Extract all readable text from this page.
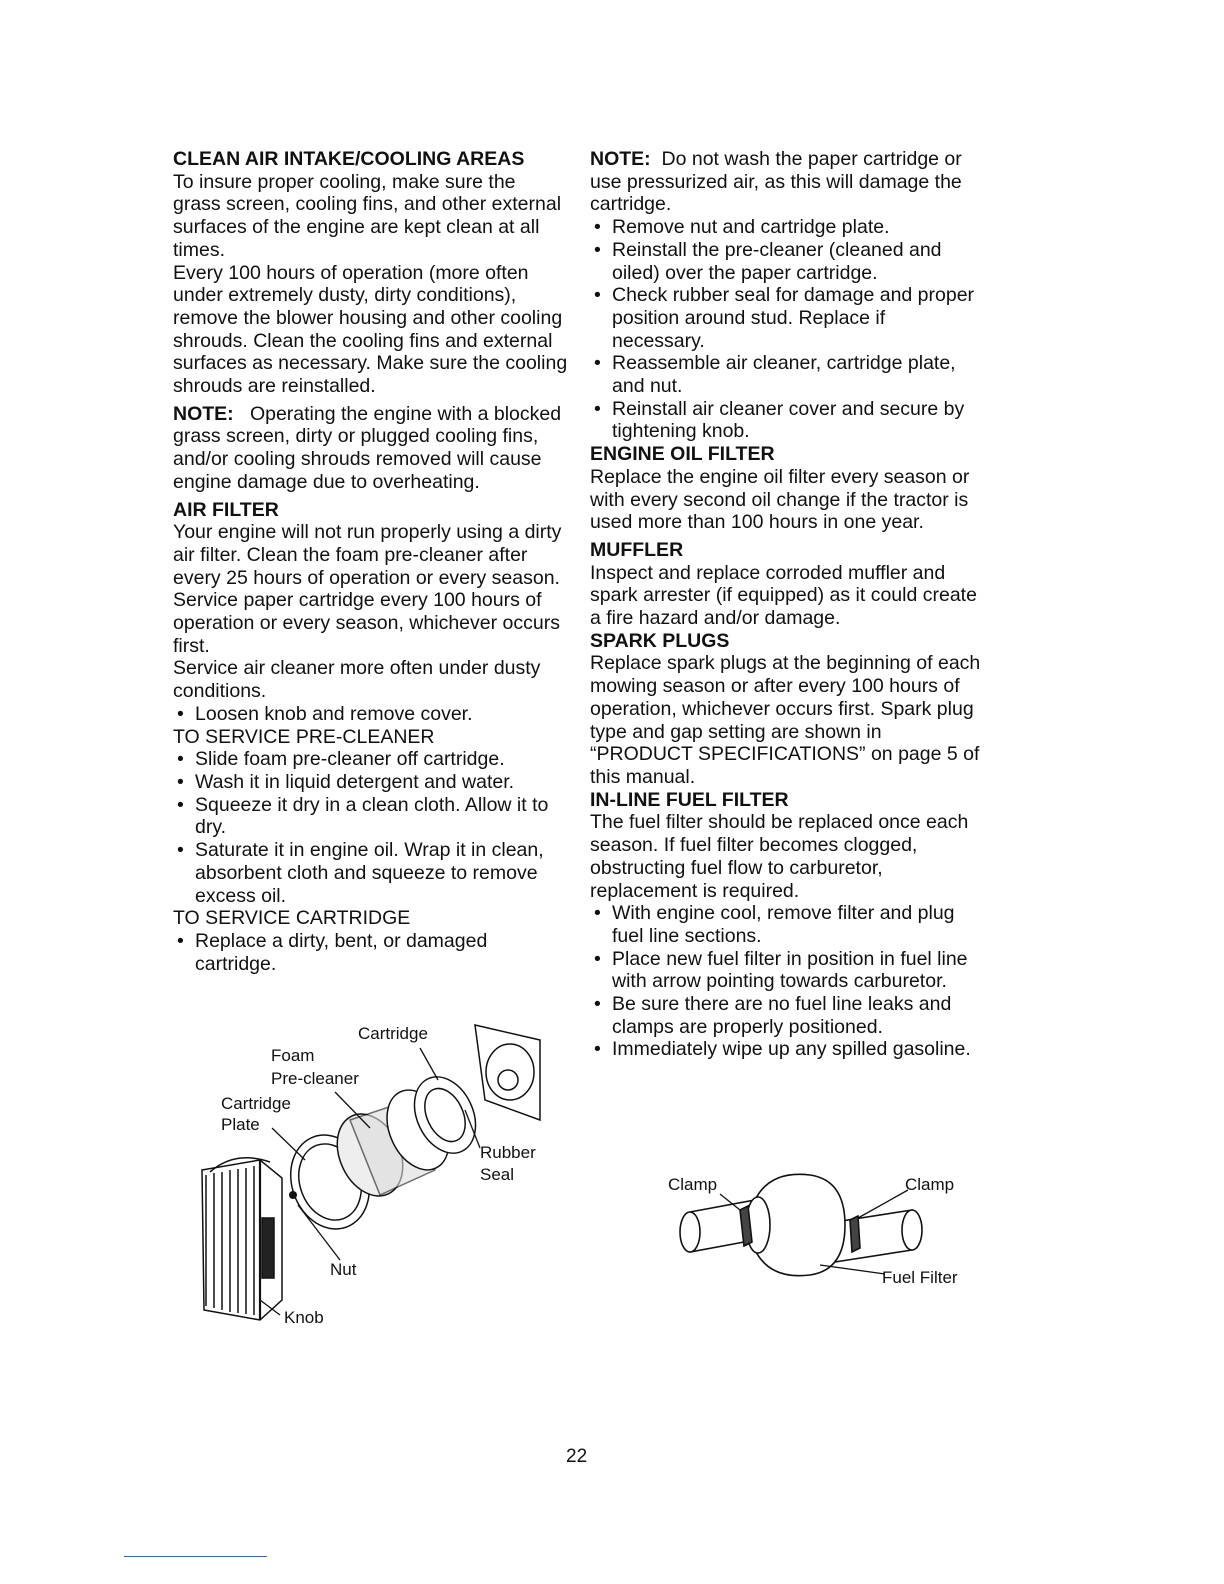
CLEAN AIR INTAKE/COOLING AREAS

To insure proper cooling, make sure the grass screen, cooling fins, and other external surfaces of the engine are kept clean at all times.

Every 100 hours of operation (more often under extremely dusty, dirty conditions), remove the blower housing and other cooling shrouds. Clean the cooling fins and external surfaces as necessary. Make sure the cooling shrouds are reinstalled.

NOTE: Operating the engine with a blocked grass screen, dirty or plugged cooling fins, and/or cooling shrouds removed will cause engine damage due to overheating.

AIR FILTER

Your engine will not run properly using a dirty air filter. Clean the foam pre-cleaner after every 25 hours of operation or every season. Service paper cartridge every 100 hours of operation or every season, whichever occurs first.

Service air cleaner more often under dusty conditions.

• Loosen knob and remove cover.
TO SERVICE PRE-CLEANER
• Slide foam pre-cleaner off cartridge.
• Wash it in liquid detergent and water.
• Squeeze it dry in a clean cloth. Allow it to dry.
• Saturate it in engine oil. Wrap it in clean, absorbent cloth and squeeze to remove excess oil.
TO SERVICE CARTRIDGE
• Replace a dirty, bent, or damaged cartridge.
Cartridge
Foam
Pre-cleaner
Cartridge
Plate
Rubber
Seal
Nut
Knob

NOTE: Do not wash the paper cartridge or use pressurized air, as this will damage the cartridge.

• Remove nut and cartridge plate.
• Reinstall the pre-cleaner (cleaned and oiled) over the paper cartridge.
• Check rubber seal for damage and proper position around stud. Replace if necessary.
• Reassemble air cleaner, cartridge plate, and nut.
• Reinstall air cleaner cover and secure by tightening knob.
ENGINE OIL FILTER

Replace the engine oil filter every season or with every second oil change if the tractor is used more than 100 hours in one year.

MUFFLER

Inspect and replace corroded muffler and spark arrester (if equipped) as it could create a fire hazard and/or damage.

SPARK PLUGS

Replace spark plugs at the beginning of each mowing season or after every 100 hours of operation, whichever occurs first. Spark plug type and gap setting are shown in “PRODUCT SPECIFICATIONS” on page 5 of this manual.

IN-LINE FUEL FILTER

The fuel filter should be replaced once each season. If fuel filter becomes clogged, obstructing fuel flow to carburetor, replacement is required.

• With engine cool, remove filter and plug fuel line sections.
• Place new fuel filter in position in fuel line with arrow pointing towards carburetor.
• Be sure there are no fuel line leaks and clamps are properly positioned.
• Immediately wipe up any spilled gasoline.
Clamp	Clamp
Fuel Filter
22
